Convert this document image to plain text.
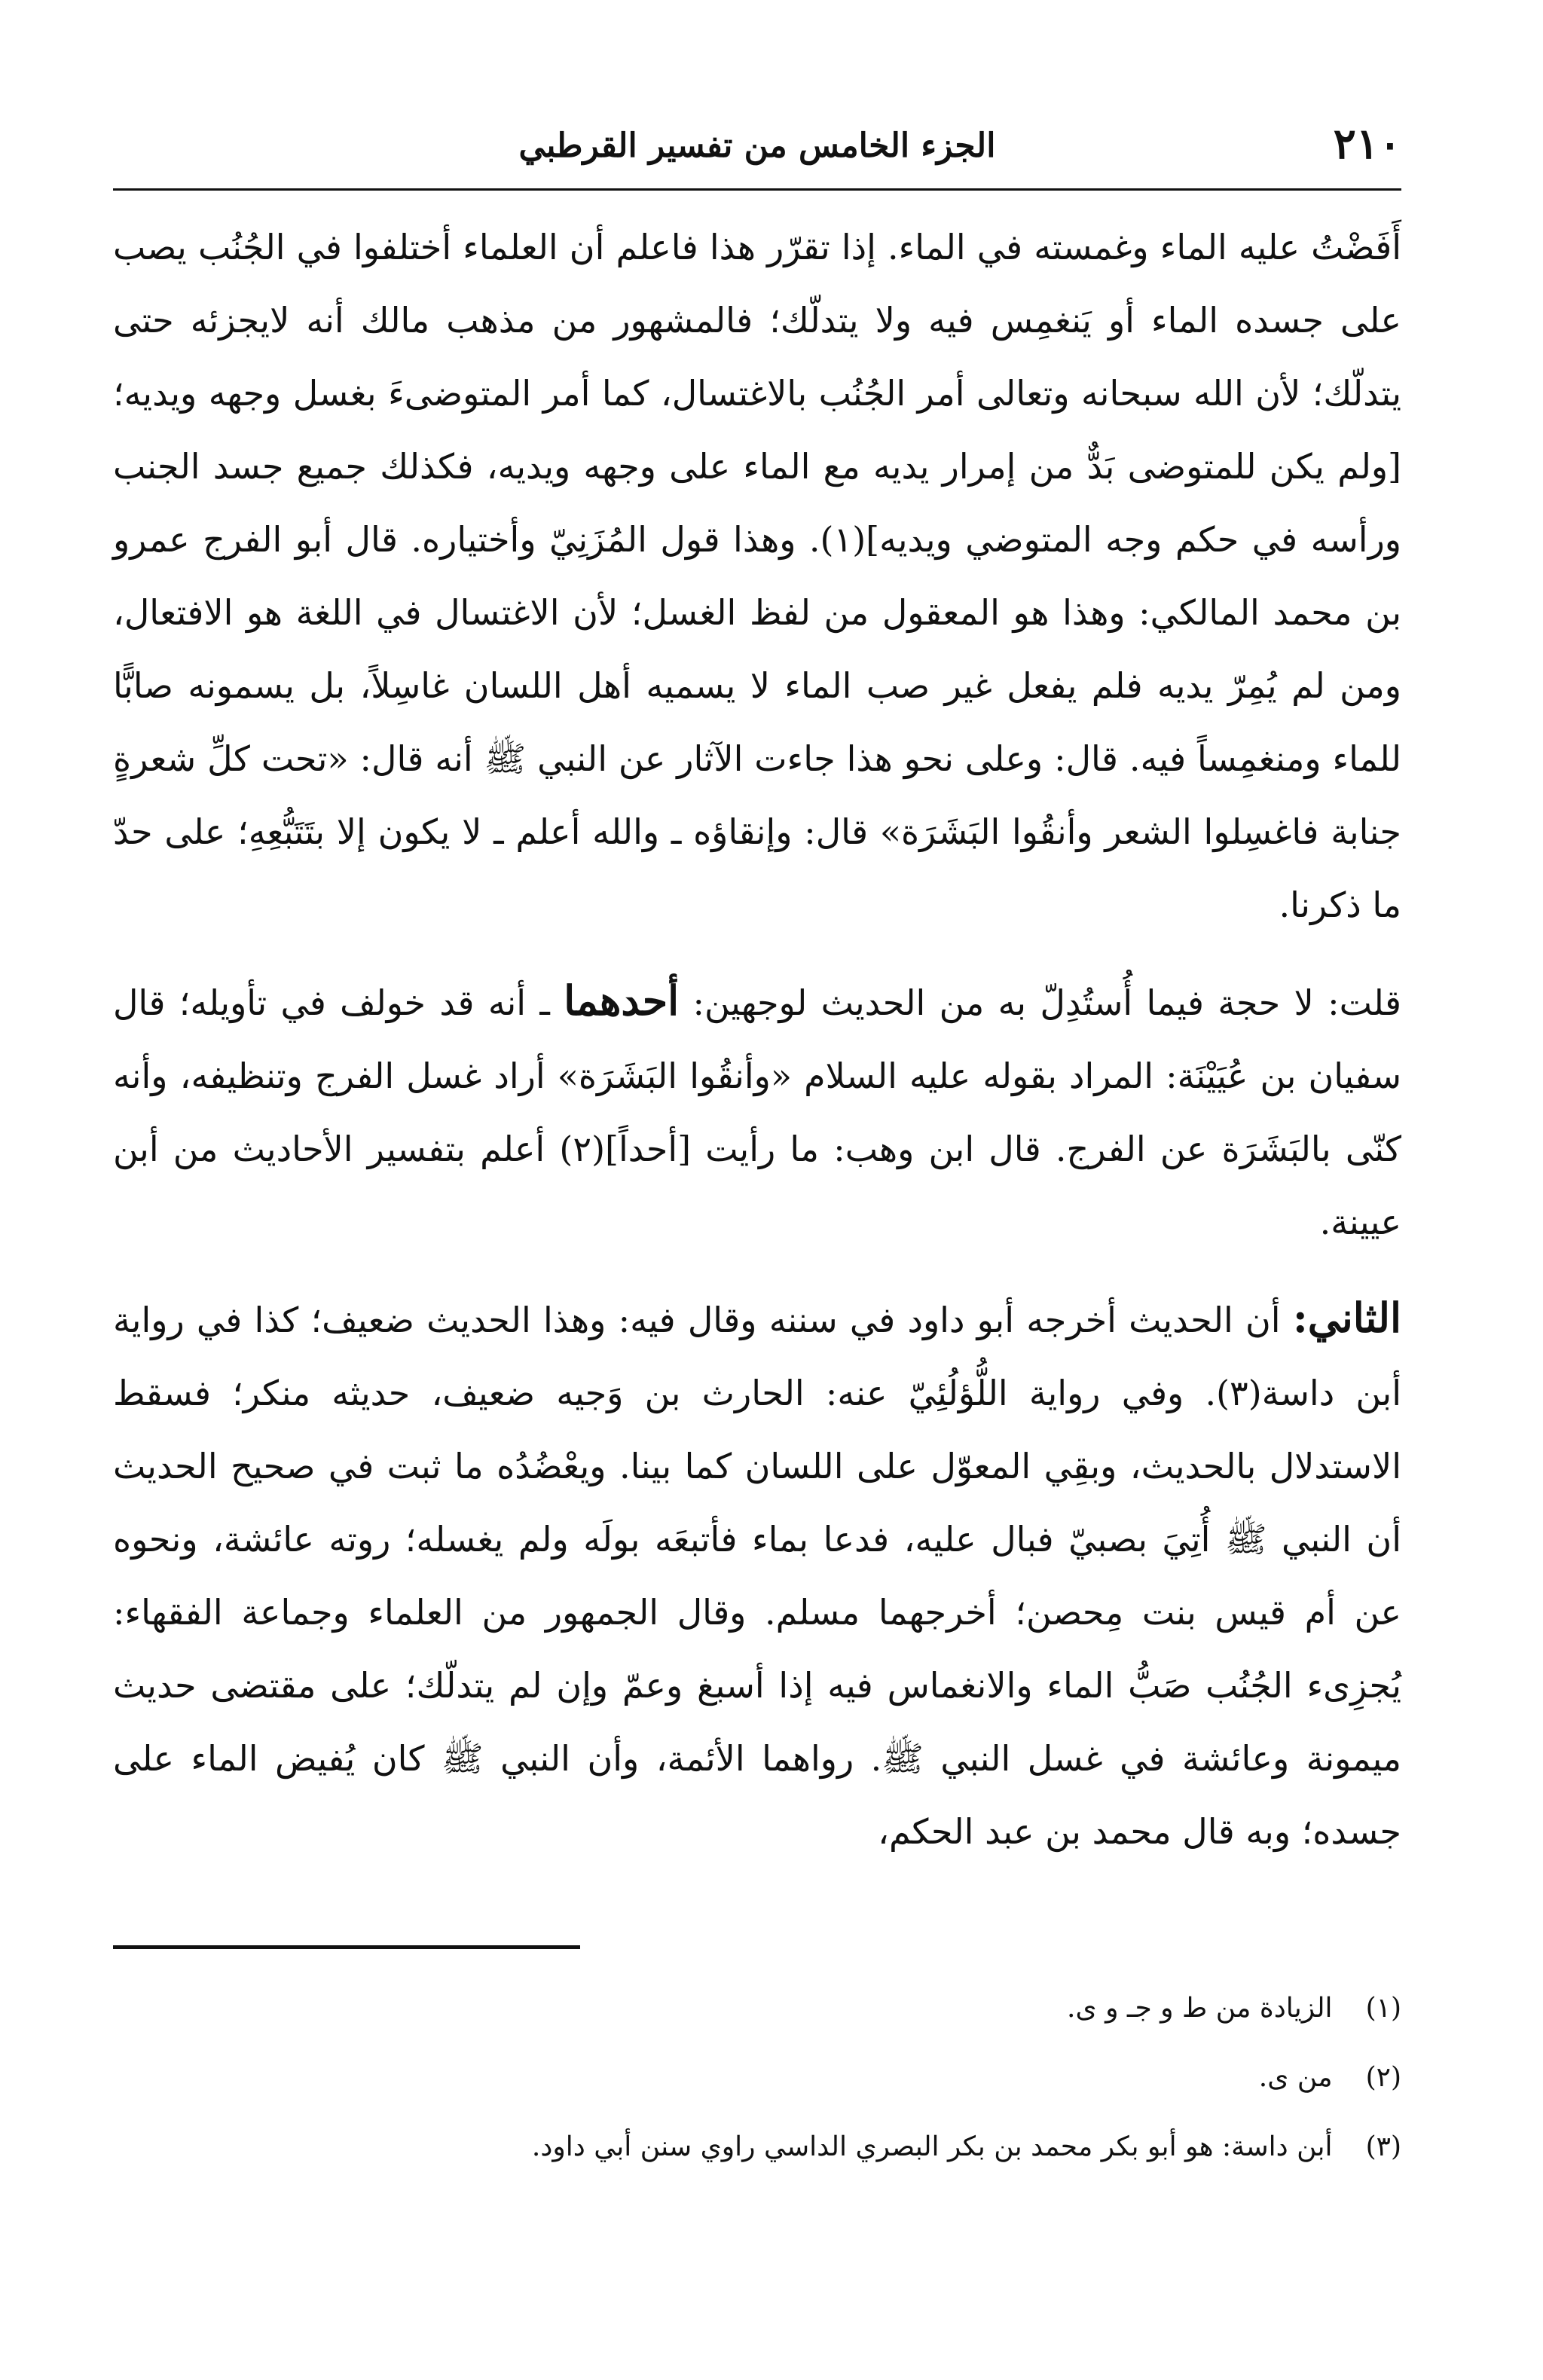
٢١٠
الجزء الخامس من تفسير القرطبي

أَفَضْتُ عليه الماء وغمسته في الماء. إذا تقرّر هذا فاعلم أن العلماء أختلفوا في الجُنُب يصب على جسده الماء أو يَنغمِس فيه ولا يتدلّك؛ فالمشهور من مذهب مالك أنه لايجزئه حتى يتدلّك؛ لأن الله سبحانه وتعالى أمر الجُنُب بالاغتسال، كما أمر المتوضىءَ بغسل وجهه ويديه؛ [ولم يكن للمتوضى بَدٌّ من إمرار يديه مع الماء على وجهه ويديه، فكذلك جميع جسد الجنب ورأسه في حكم وجه المتوضي ويديه](١). وهذا قول المُزَنِيّ وأختياره. قال أبو الفرج عمرو بن محمد المالكي: وهذا هو المعقول من لفظ الغسل؛ لأن الاغتسال في اللغة هو الافتعال، ومن لم يُمِرّ يديه فلم يفعل غير صب الماء لا يسميه أهل اللسان غاسِلاً، بل يسمونه صابًّا للماء ومنغمِساً فيه. قال: وعلى نحو هذا جاءت الآثار عن النبي ﷺ أنه قال: «تحت كلِّ شعرةٍ جنابة فاغسِلوا الشعر وأنقُوا البَشَرَة» قال: وإنقاؤه ـ والله أعلم ـ لا يكون إلا بتَتَبُّعِهِ؛ على حدّ ما ذكرنا.

قلت: لا حجة فيما أُستُدِلّ به من الحديث لوجهين: أحدهما ـ أنه قد خولف في تأويله؛ قال سفيان بن عُيَيْنَة: المراد بقوله عليه السلام «وأنقُوا البَشَرَة» أراد غسل الفرج وتنظيفه، وأنه كنّى بالبَشَرَة عن الفرج. قال ابن وهب: ما رأيت [أحداً](٢) أعلم بتفسير الأحاديث من أبن عيينة.

الثاني: أن الحديث أخرجه أبو داود في سننه وقال فيه: وهذا الحديث ضعيف؛ كذا في رواية أبن داسة(٣). وفي رواية اللُّؤلُئِيّ عنه: الحارث بن وَجيه ضعيف، حديثه منكر؛ فسقط الاستدلال بالحديث، وبقِي المعوّل على اللسان كما بينا. ويعْضُدُه ما ثبت في صحيح الحديث أن النبي ﷺ أُتِيَ بصبيّ فبال عليه، فدعا بماء فأتبعَه بولَه ولم يغسله؛ روته عائشة، ونحوه عن أم قيس بنت مِحصن؛ أخرجهما مسلم. وقال الجمهور من العلماء وجماعة الفقهاء: يُجزِىء الجُنُب صَبُّ الماء والانغماس فيه إذا أسبغ وعمّ وإن لم يتدلّك؛ على مقتضى حديث ميمونة وعائشة في غسل النبي ﷺ. رواهما الأئمة، وأن النبي ﷺ كان يُفيض الماء على جسده؛ وبه قال محمد بن عبد الحكم،

(١) الزيادة من ط و جـ و ى.
(٢) من ى.
(٣) أبن داسة: هو أبو بكر محمد بن بكر البصري الداسي راوي سنن أبي داود.
